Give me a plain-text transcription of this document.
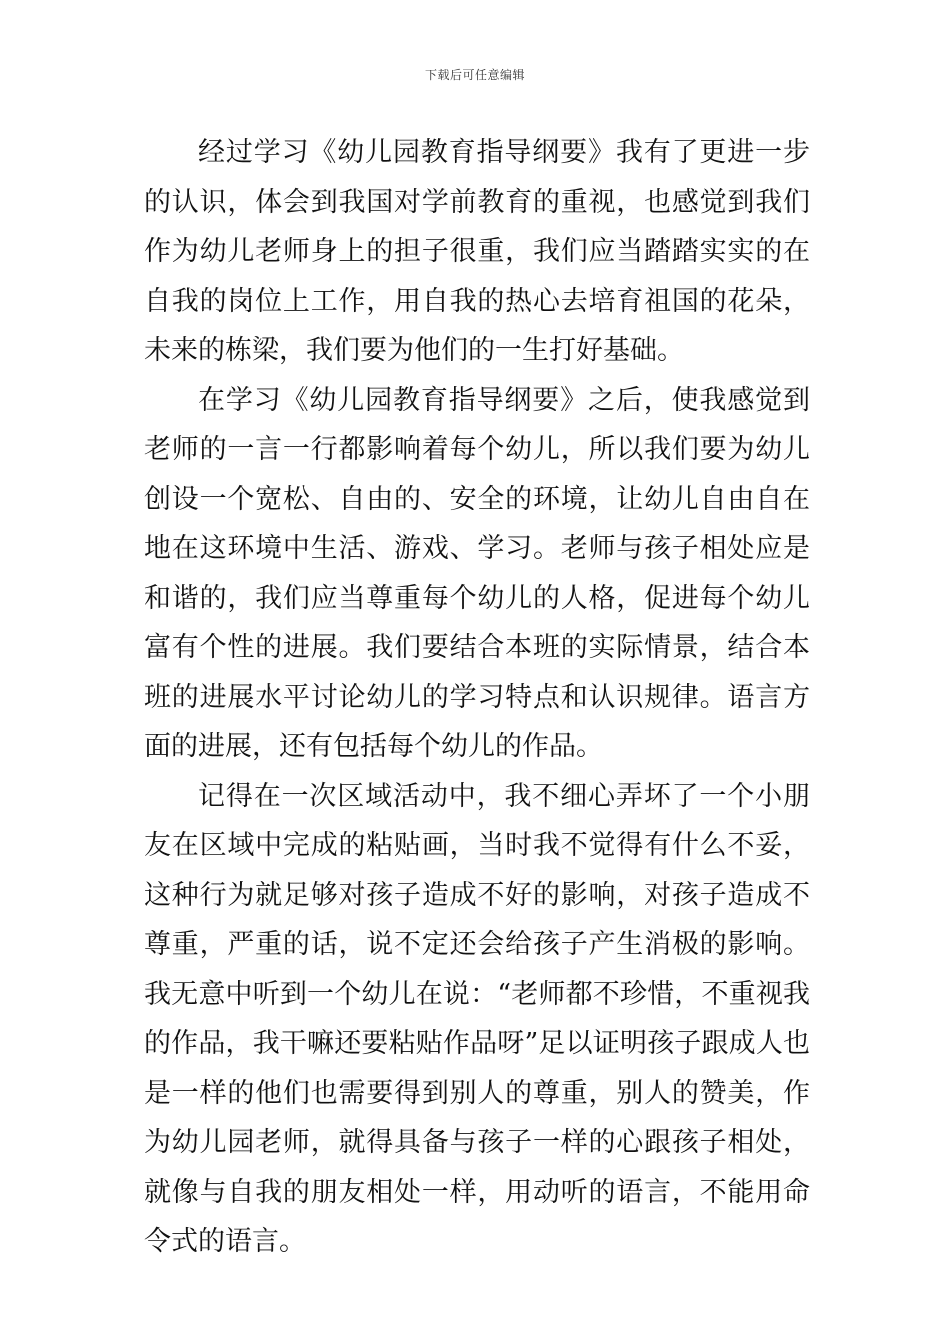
下载后可任意编辑

经过学习《幼儿园教育指导纲要》我有了更进一步的认识，体会到我国对学前教育的重视，也感觉到我们作为幼儿老师身上的担子很重，我们应当踏踏实实的在自我的岗位上工作，用自我的热心去培育祖国的花朵，未来的栋梁，我们要为他们的一生打好基础。

在学习《幼儿园教育指导纲要》之后，使我感觉到老师的一言一行都影响着每个幼儿，所以我们要为幼儿创设一个宽松、自由的、安全的环境，让幼儿自由自在地在这环境中生活、游戏、学习。老师与孩子相处应是和谐的，我们应当尊重每个幼儿的人格，促进每个幼儿富有个性的进展。我们要结合本班的实际情景，结合本班的进展水平讨论幼儿的学习特点和认识规律。语言方面的进展，还有包括每个幼儿的作品。

记得在一次区域活动中，我不细心弄坏了一个小朋友在区域中完成的粘贴画，当时我不觉得有什么不妥，这种行为就足够对孩子造成不好的影响，对孩子造成不尊重，严重的话，说不定还会给孩子产生消极的影响。我无意中听到一个幼儿在说：“老师都不珍惜，不重视我的作品，我干嘛还要粘贴作品呀”足以证明孩子跟成人也是一样的他们也需要得到别人的尊重，别人的赞美，作为幼儿园老师，就得具备与孩子一样的心跟孩子相处，就像与自我的朋友相处一样，用动听的语言，不能用命令式的语言。
